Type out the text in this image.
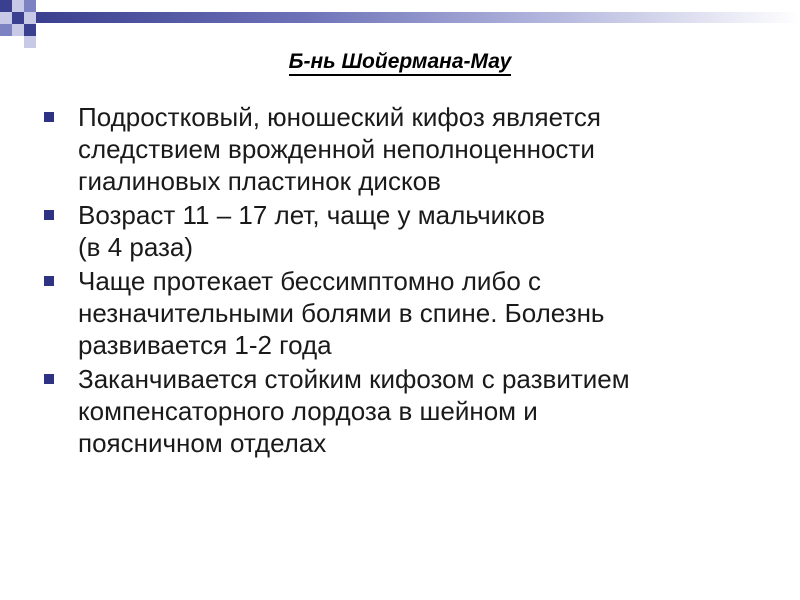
Б-нь Шойермана-Мау
Подростковый, юношеский кифоз является
следствием врожденной неполноценности
гиалиновых пластинок дисков
Возраст 11 – 17 лет, чаще у мальчиков
(в 4 раза)
Чаще протекает бессимптомно либо с
незначительными болями в спине. Болезнь
развивается 1-2 года
Заканчивается стойким кифозом с развитием
компенсаторного лордоза в шейном и
поясничном отделах
